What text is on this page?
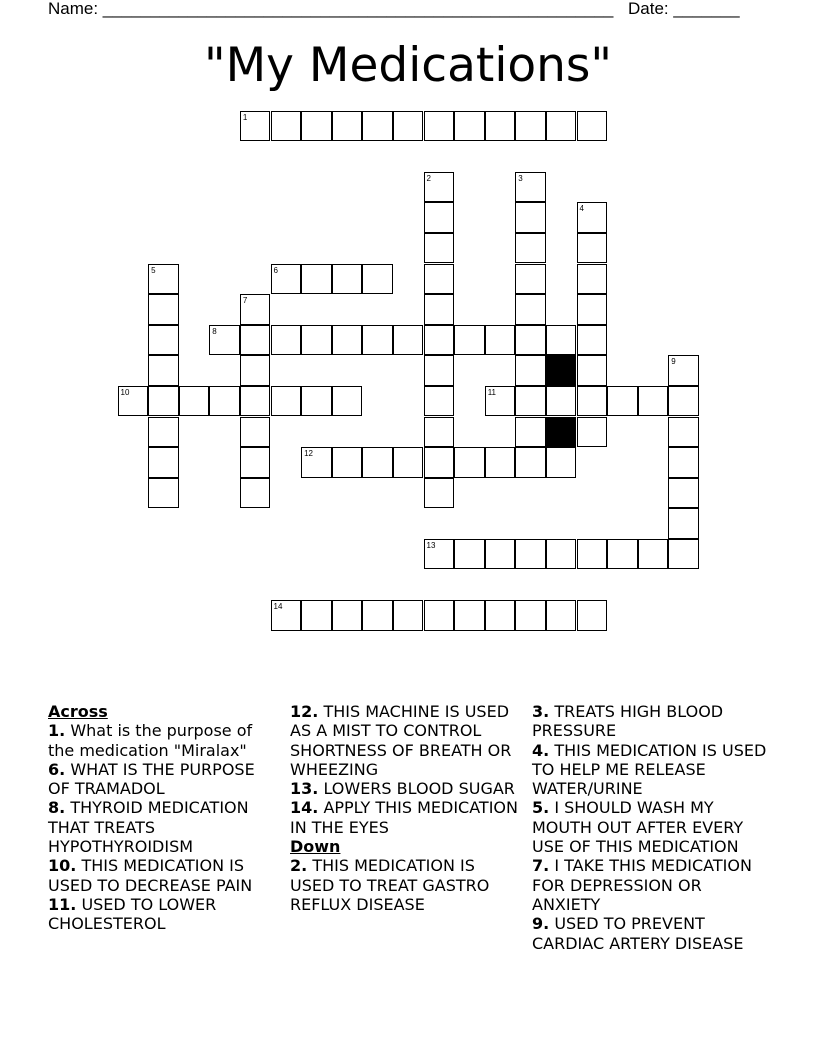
Name: ______________________________________________________ Date: _______
"My Medications"
1
2	3
4
5	6
7
8
9
10	11
12
13
14
Across
1. What is the purpose of the medication "Miralax"
6. WHAT IS THE PURPOSE OF TRAMADOL
8. THYROID MEDICATION THAT TREATS HYPOTHYROIDISM
10. THIS MEDICATION IS USED TO DECREASE PAIN
11. USED TO LOWER CHOLESTEROL
12. THIS MACHINE IS USED AS A MIST TO CONTROL SHORTNESS OF BREATH OR WHEEZING
13. LOWERS BLOOD SUGAR
14. APPLY THIS MEDICATION IN THE EYES
Down
2. THIS MEDICATION IS USED TO TREAT GASTRO REFLUX DISEASE
3. TREATS HIGH BLOOD PRESSURE
4. THIS MEDICATION IS USED TO HELP ME RELEASE WATER/URINE
5. I SHOULD WASH MY MOUTH OUT AFTER EVERY USE OF THIS MEDICATION
7. I TAKE THIS MEDICATION FOR DEPRESSION OR ANXIETY
9. USED TO PREVENT CARDIAC ARTERY DISEASE
